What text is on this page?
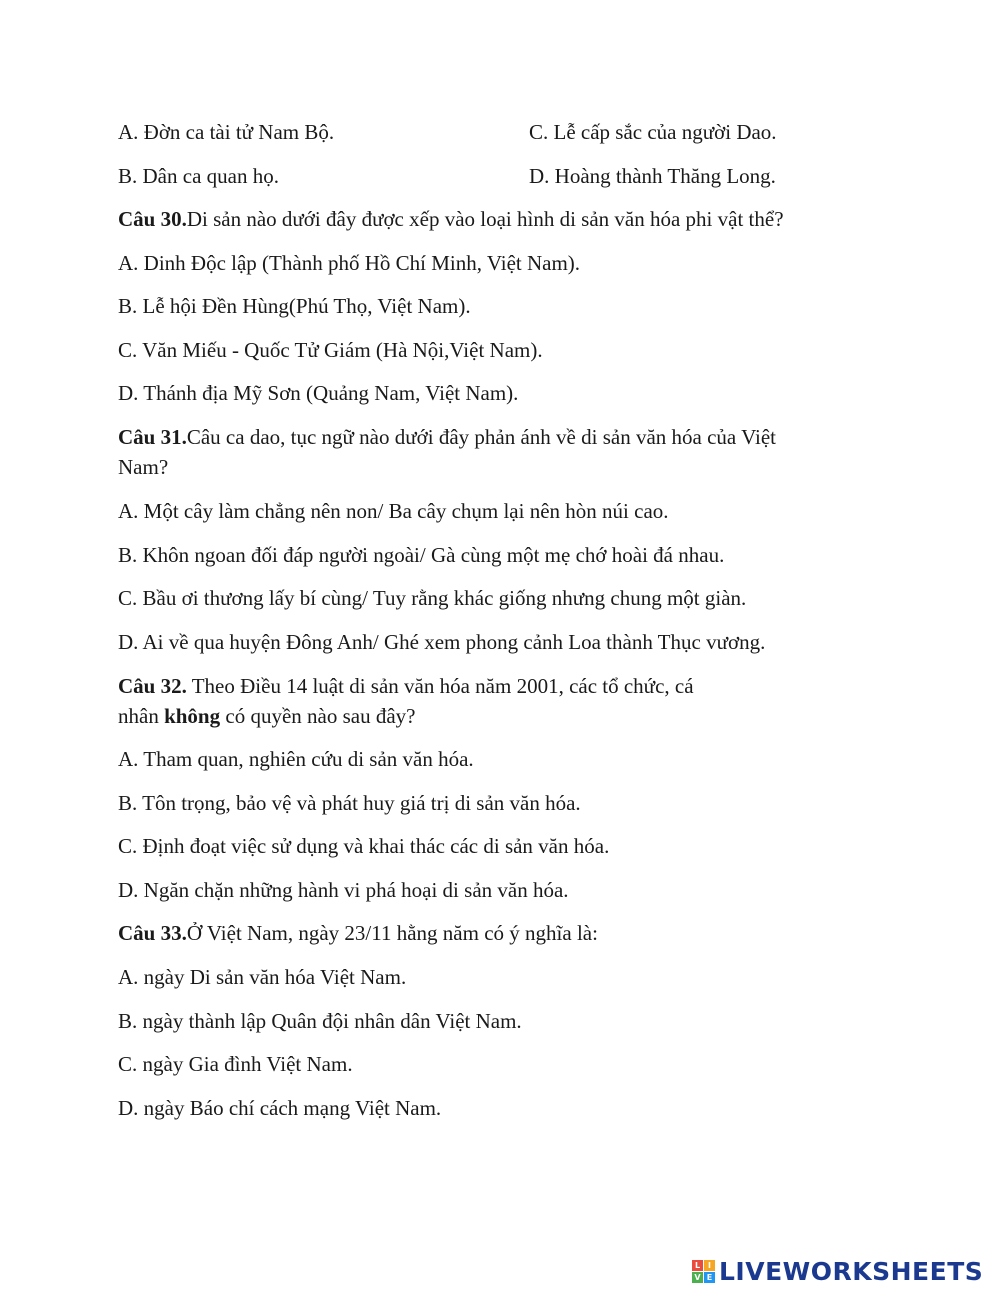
A. Đờn ca tài tử Nam Bộ.	C. Lễ cấp sắc của người Dao.
B. Dân ca quan họ.	D. Hoàng thành Thăng Long.
Câu 30.Di sản nào dưới đây được xếp vào loại hình di sản văn hóa phi vật thể?
A. Dinh Độc lập (Thành phố Hồ Chí Minh, Việt Nam).
B. Lễ hội Đền Hùng(Phú Thọ, Việt Nam).
C. Văn Miếu - Quốc Tử Giám (Hà Nội,Việt Nam).
D. Thánh địa Mỹ Sơn (Quảng Nam, Việt Nam).
Câu 31.Câu ca dao, tục ngữ nào dưới đây phản ánh về di sản văn hóa của Việt
Nam?
A. Một cây làm chẳng nên non/ Ba cây chụm lại nên hòn núi cao.
B. Khôn ngoan đối đáp người ngoài/ Gà cùng một mẹ chớ hoài đá nhau.
C. Bầu ơi thương lấy bí cùng/ Tuy rằng khác giống nhưng chung một giàn.
D. Ai về qua huyện Đông Anh/ Ghé xem phong cảnh Loa thành Thục vương.
Câu 32. Theo Điều 14 luật di sản văn hóa năm 2001, các tổ chức, cá
nhân không có quyền nào sau đây?
A. Tham quan, nghiên cứu di sản văn hóa.
B. Tôn trọng, bảo vệ và phát huy giá trị di sản văn hóa.
C. Định đoạt việc sử dụng và khai thác các di sản văn hóa.
D. Ngăn chặn những hành vi phá hoại di sản văn hóa.
Câu 33.Ở Việt Nam, ngày 23/11 hằng năm có ý nghĩa là:
A. ngày Di sản văn hóa Việt Nam.
B. ngày thành lập Quân đội nhân dân Việt Nam.
C. ngày Gia đình Việt Nam.
D. ngày Báo chí cách mạng Việt Nam.
L I
V E LIVEWORKSHEETS
